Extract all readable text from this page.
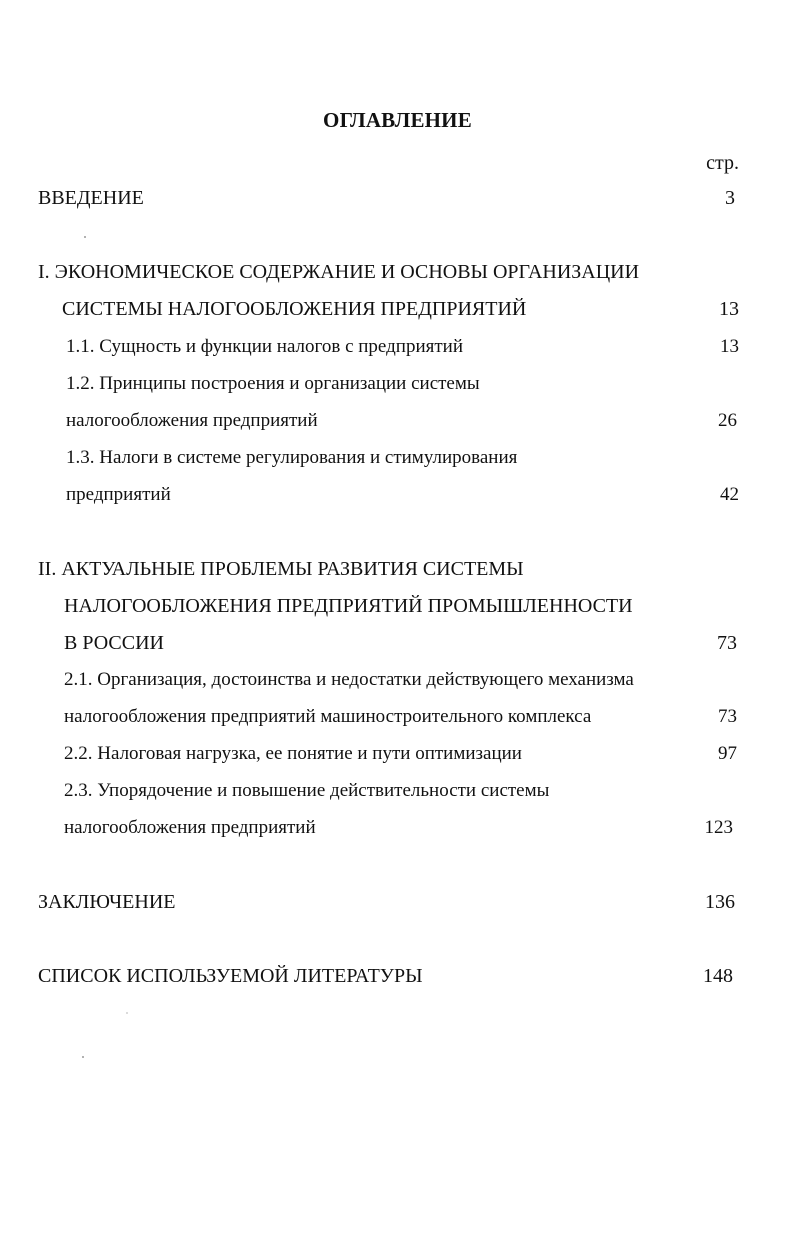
ОГЛАВЛЕНИЕ
стр.
ВВЕДЕНИЕ	3
I. ЭКОНОМИЧЕСКОЕ СОДЕРЖАНИЕ И ОСНОВЫ ОРГАНИЗАЦИИ
СИСТЕМЫ НАЛОГООБЛОЖЕНИЯ ПРЕДПРИЯТИЙ	13
1.1. Сущность и функции налогов с предприятий	13
1.2. Принципы построения и организации системы
налогообложения предприятий	26
1.3. Налоги в системе регулирования и стимулирования
предприятий	42
II. АКТУАЛЬНЫЕ ПРОБЛЕМЫ РАЗВИТИЯ СИСТЕМЫ
НАЛОГООБЛОЖЕНИЯ ПРЕДПРИЯТИЙ ПРОМЫШЛЕННОСТИ
В РОССИИ	73
2.1. Организация, достоинства и недостатки действующего механизма
налогообложения предприятий машиностроительного комплекса	73
2.2. Налоговая нагрузка, ее понятие и пути оптимизации	97
2.3. Упорядочение и повышение действительности системы
налогообложения предприятий	123
ЗАКЛЮЧЕНИЕ	136
СПИСОК ИСПОЛЬЗУЕМОЙ ЛИТЕРАТУРЫ	148
